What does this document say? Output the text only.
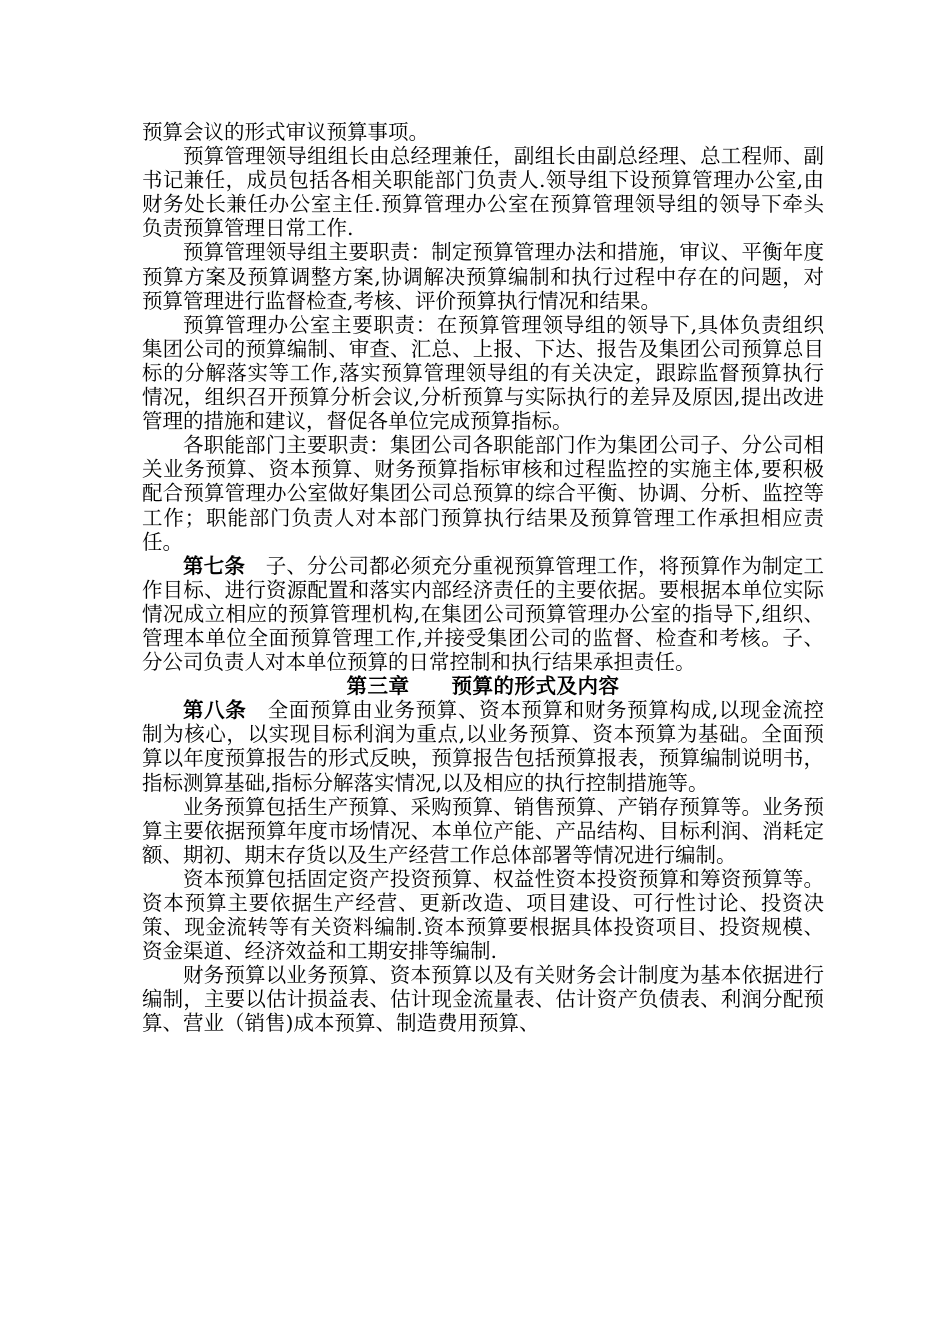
预算会议的形式审议预算事项。

预算管理领导组组长由总经理兼任，副组长由副总经理、总工程师、副书记兼任，成员包括各相关职能部门负责人.领导组下设预算管理办公室,由财务处长兼任办公室主任.预算管理办公室在预算管理领导组的领导下牵头负责预算管理日常工作.

预算管理领导组主要职责：制定预算管理办法和措施，审议、平衡年度预算方案及预算调整方案,协调解决预算编制和执行过程中存在的问题，对预算管理进行监督检查,考核、评价预算执行情况和结果。

预算管理办公室主要职责：在预算管理领导组的领导下,具体负责组织集团公司的预算编制、审查、汇总、上报、下达、报告及集团公司预算总目标的分解落实等工作,落实预算管理领导组的有关决定，跟踪监督预算执行情况，组织召开预算分析会议,分析预算与实际执行的差异及原因,提出改进管理的措施和建议，督促各单位完成预算指标。

各职能部门主要职责：集团公司各职能部门作为集团公司子、分公司相关业务预算、资本预算、财务预算指标审核和过程监控的实施主体,要积极配合预算管理办公室做好集团公司总预算的综合平衡、协调、分析、监控等工作；职能部门负责人对本部门预算执行结果及预算管理工作承担相应责任。

第七条　子、分公司都必须充分重视预算管理工作，将预算作为制定工作目标、进行资源配置和落实内部经济责任的主要依据。要根据本单位实际情况成立相应的预算管理机构,在集团公司预算管理办公室的指导下,组织、管理本单位全面预算管理工作,并接受集团公司的监督、检查和考核。子、分公司负责人对本单位预算的日常控制和执行结果承担责任。

第三章　　预算的形式及内容

第八条　全面预算由业务预算、资本预算和财务预算构成,以现金流控制为核心，以实现目标利润为重点,以业务预算、资本预算为基础。全面预算以年度预算报告的形式反映，预算报告包括预算报表，预算编制说明书，指标测算基础,指标分解落实情况,以及相应的执行控制措施等。

业务预算包括生产预算、采购预算、销售预算、产销存预算等。业务预算主要依据预算年度市场情况、本单位产能、产品结构、目标利润、消耗定额、期初、期末存货以及生产经营工作总体部署等情况进行编制。

资本预算包括固定资产投资预算、权益性资本投资预算和筹资预算等。资本预算主要依据生产经营、更新改造、项目建设、可行性讨论、投资决策、现金流转等有关资料编制.资本预算要根据具体投资项目、投资规模、资金渠道、经济效益和工期安排等编制.

财务预算以业务预算、资本预算以及有关财务会计制度为基本依据进行编制，主要以估计损益表、估计现金流量表、估计资产负债表、利润分配预算、营业（销售)成本预算、制造费用预算、
